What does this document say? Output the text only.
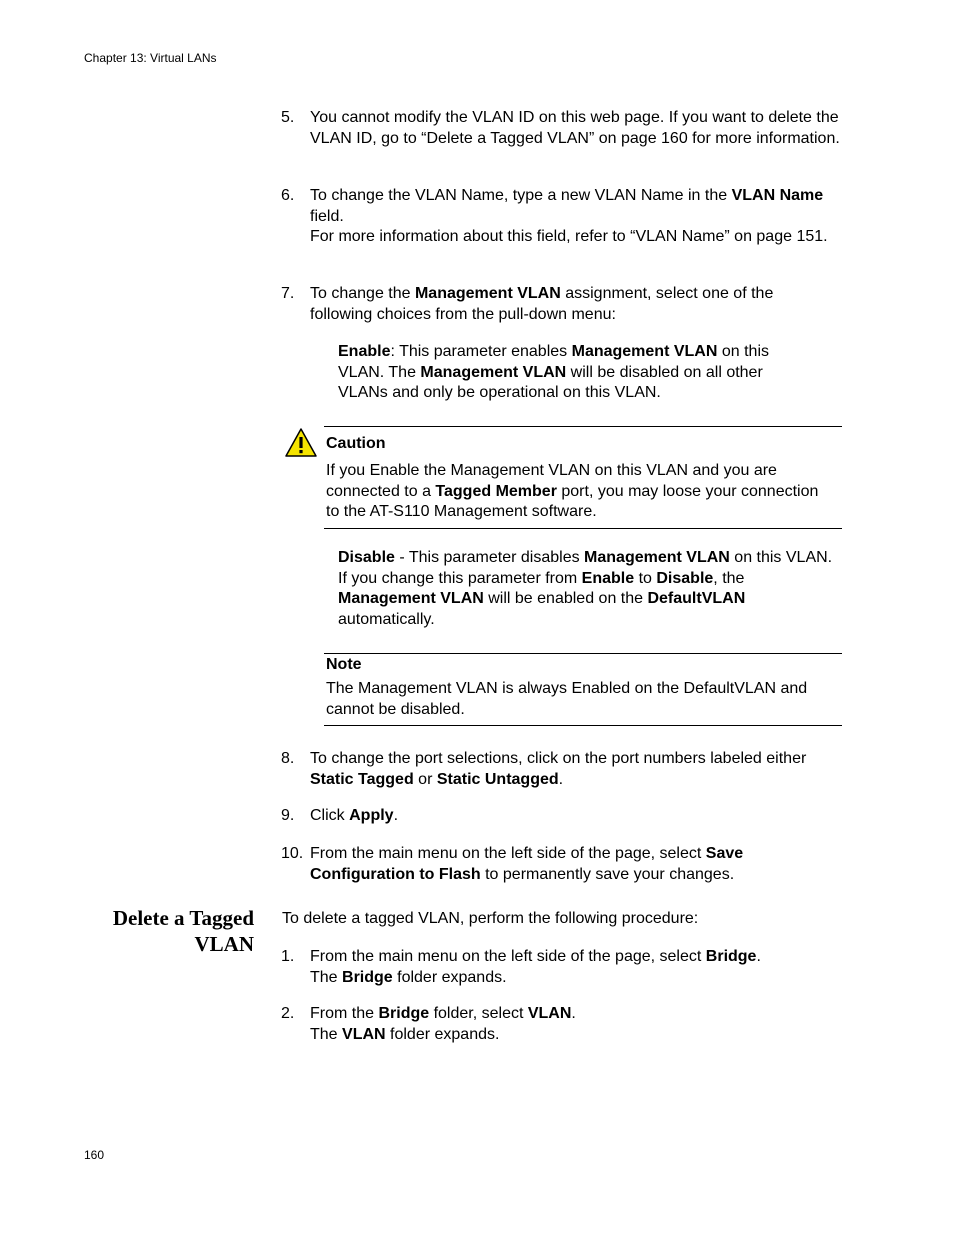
Chapter 13: Virtual LANs
5. You cannot modify the VLAN ID on this web page. If you want to delete the VLAN ID, go to “Delete a Tagged VLAN” on page 160 for more information.
6. To change the VLAN Name, type a new VLAN Name in the VLAN Name field.
For more information about this field, refer to “VLAN Name” on page 151.
7. To change the Management VLAN assignment, select one of the following choices from the pull-down menu:
Enable: This parameter enables Management VLAN on this VLAN. The Management VLAN will be disabled on all other VLANs and only be operational on this VLAN.
Caution
If you Enable the Management VLAN on this VLAN and you are connected to a Tagged Member port, you may loose your connection to the AT-S110 Management software.
Disable - This parameter disables Management VLAN on this VLAN. If you change this parameter from Enable to Disable, the Management VLAN will be enabled on the DefaultVLAN automatically.
Note
The Management VLAN is always Enabled on the DefaultVLAN and cannot be disabled.
8. To change the port selections, click on the port numbers labeled either Static Tagged or Static Untagged.
9. Click Apply.
10. From the main menu on the left side of the page, select Save Configuration to Flash to permanently save your changes.
Delete a Tagged
VLAN
To delete a tagged VLAN, perform the following procedure:
1. From the main menu on the left side of the page, select Bridge.
The Bridge folder expands.
2. From the Bridge folder, select VLAN.
The VLAN folder expands.
160
